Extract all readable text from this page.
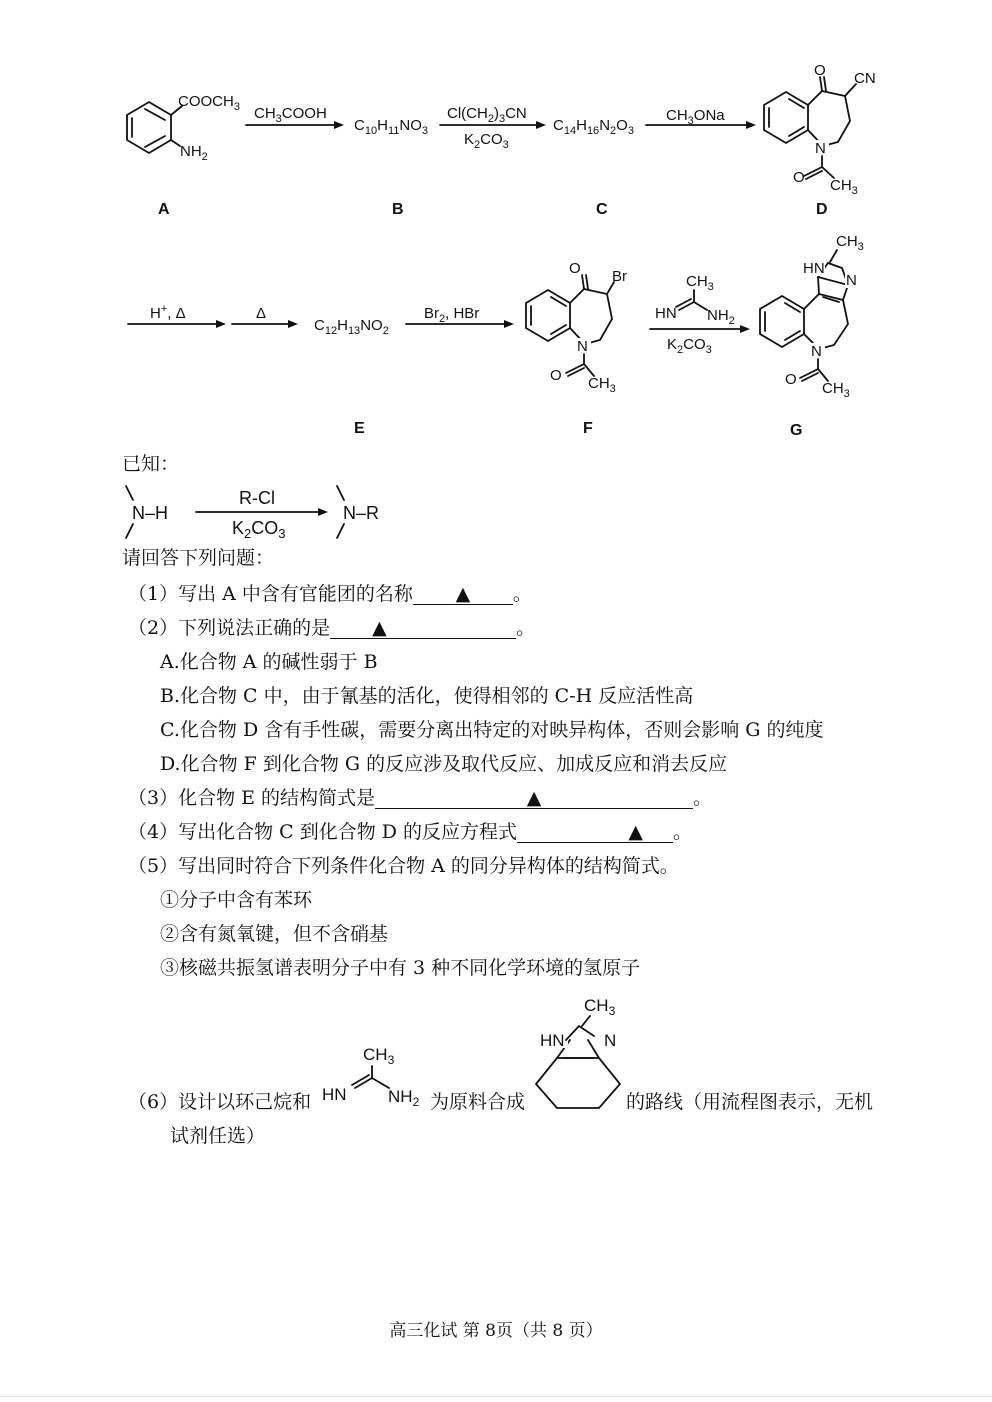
$COOCH_3$
$NH_2$
A
$CH_3COOH$
$C_{10}H_{11}NO_3$
B
$Cl(CH_2)_3CN$
$K_2CO_3$
$C_{14}H_{16}N_2O_3$
C
$CH_3ONa$
O CN
N
O $CH_3$
D
H+, Δ	Δ
$C_{12}H_{13}NO_2$
E
$Br_2$, HBr
O Br
N
O $CH_3$
F
$CH_3$
HN $NH_2$
$K_2CO_3$
HN
N
$CH_3$
N
O
$CH_3$
G
N–H
R-Cl
$K_2CO_3$
N–R
$CH_3$
HN $NH_2$
HN N
$CH_3$
已知：
请回答下列问题：
（1）写出 A 中含有官能团的名称 ▲ 。
（2）下列说法正确的是 ▲	。
A.化合物 A 的碱性弱于 B
B.化合物 C 中，由于氰基的活化，使得相邻的 C-H 反应活性高
C.化合物 D 含有手性碳，需要分离出特定的对映异构体，否则会影响 G 的纯度
D.化合物 F 到化合物 G 的反应涉及取代反应、加成反应和消去反应
（3）化合物 E 的结构简式是	▲	。
（4）写出化合物 C 到化合物 D 的反应方程式	▲ 。
（5）写出同时符合下列条件化合物 A 的同分异构体的结构简式。
①分子中含有苯环
②含有氮氧键，但不含硝基
③核磁共振氢谱表明分子中有 3 种不同化学环境的氢原子
（6）设计以环己烷和	为原料合成	的路线（用流程图表示，无机
试剂任选）
高三化试 第 8页（共 8 页）
